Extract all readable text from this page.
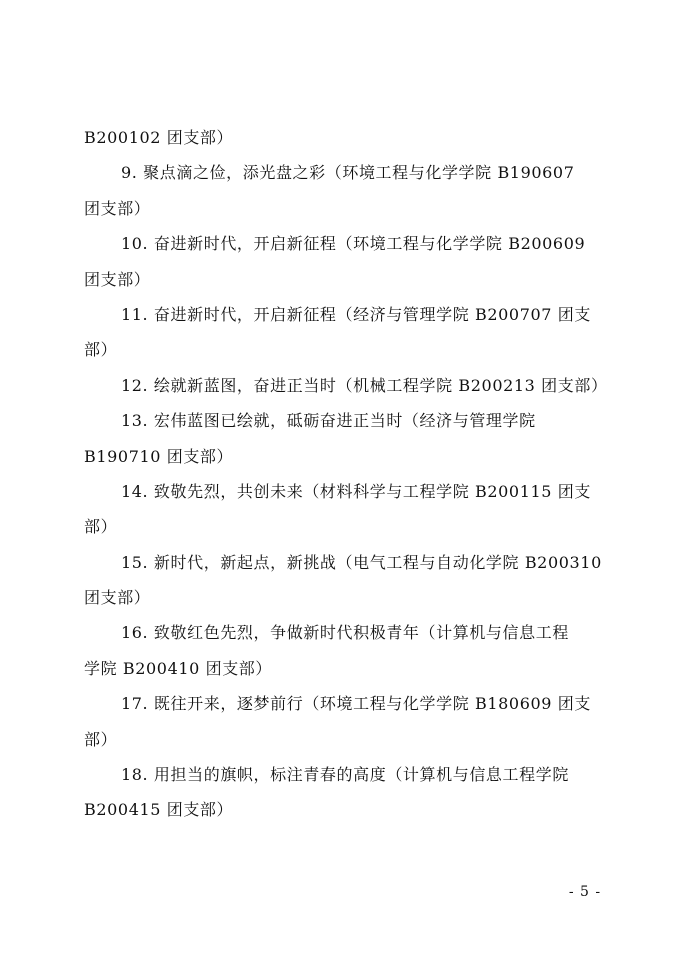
B200102 团支部）
9. 聚点滴之俭，添光盘之彩（环境工程与化学学院 B190607
团支部）
10. 奋进新时代，开启新征程（环境工程与化学学院 B200609
团支部）
11. 奋进新时代，开启新征程（经济与管理学院 B200707 团支
部）
12. 绘就新蓝图，奋进正当时（机械工程学院 B200213 团支部）
13. 宏伟蓝图已绘就，砥砺奋进正当时（经济与管理学院
B190710 团支部）
14. 致敬先烈，共创未来（材料科学与工程学院 B200115 团支
部）
15. 新时代，新起点，新挑战（电气工程与自动化学院 B200310
团支部）
16. 致敬红色先烈，争做新时代积极青年（计算机与信息工程
学院 B200410 团支部）
17. 既往开来，逐梦前行（环境工程与化学学院 B180609 团支
部）
18. 用担当的旗帜，标注青春的高度（计算机与信息工程学院
B200415 团支部）
- 5 -
